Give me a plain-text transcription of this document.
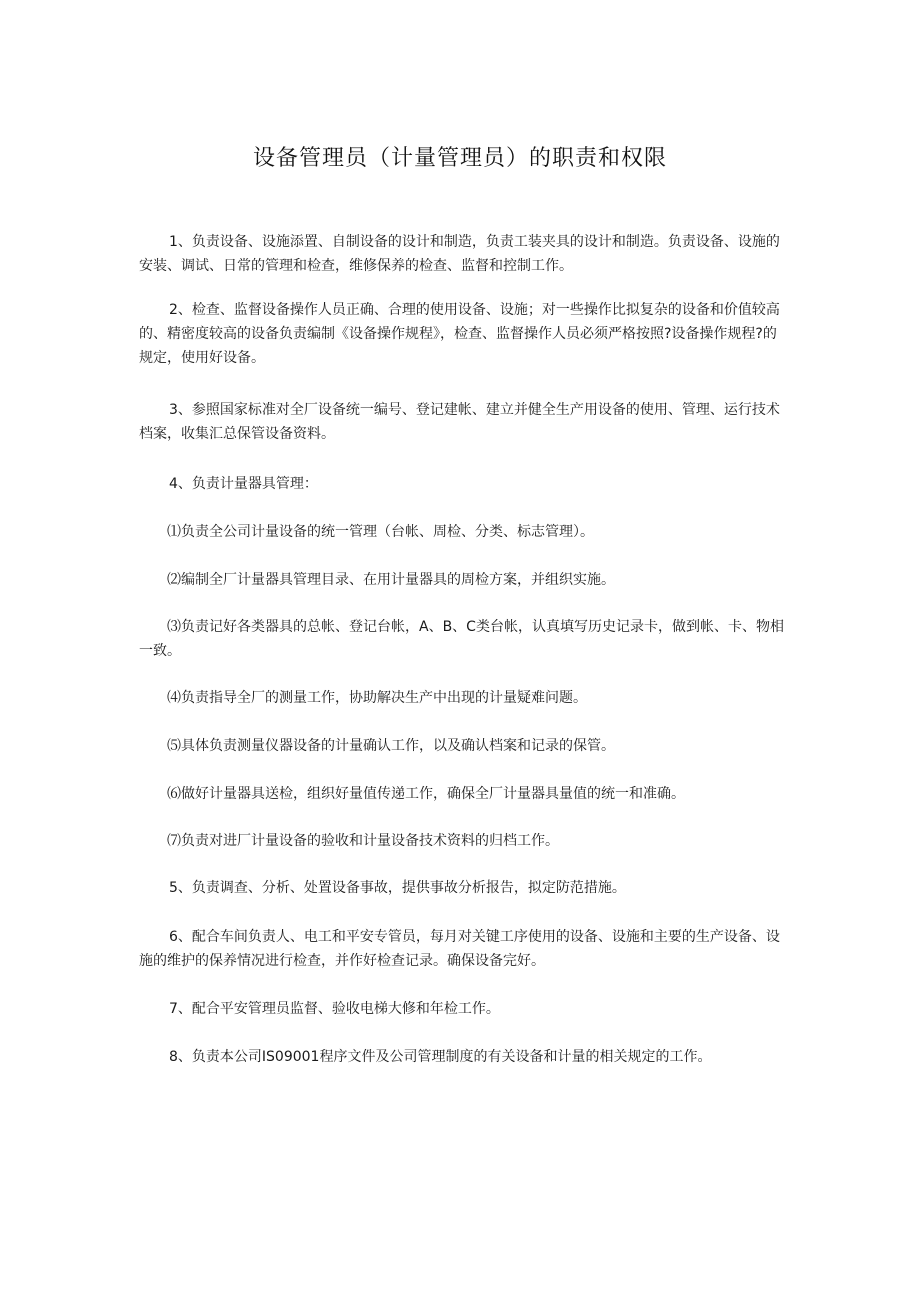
设备管理员（计量管理员）的职责和权限

1、负责设备、设施添置、自制设备的设计和制造，负责工装夹具的设计和制造。负责设备、设施的安装、调试、日常的管理和检查，维修保养的检查、监督和控制工作。

2、检查、监督设备操作人员正确、合理的使用设备、设施；对一些操作比拟复杂的设备和价值较高的、精密度较高的设备负责编制《设备操作规程》，检查、监督操作人员必须严格按照?设备操作规程?的规定，使用好设备。

3、参照国家标准对全厂设备统一编号、登记建帐、建立并健全生产用设备的使用、管理、运行技术档案，收集汇总保管设备资料。

4、负责计量器具管理：

⑴负责全公司计量设备的统一管理（台帐、周检、分类、标志管理）。

⑵编制全厂计量器具管理目录、在用计量器具的周检方案，并组织实施。

⑶负责记好各类器具的总帐、登记台帐，A、B、C类台帐，认真填写历史记录卡，做到帐、卡、物相一致。

⑷负责指导全厂的测量工作，协助解决生产中出现的计量疑难问题。

⑸具体负责测量仪器设备的计量确认工作，以及确认档案和记录的保管。

⑹做好计量器具送检，组织好量值传递工作，确保全厂计量器具量值的统一和准确。

⑺负责对进厂计量设备的验收和计量设备技术资料的归档工作。

5、负责调查、分析、处置设备事故，提供事故分析报告，拟定防范措施。

6、配合车间负责人、电工和平安专管员，每月对关键工序使用的设备、设施和主要的生产设备、设施的维护的保养情况进行检查，并作好检查记录。确保设备完好。

7、配合平安管理员监督、验收电梯大修和年检工作。

8、负责本公司IS09001程序文件及公司管理制度的有关设备和计量的相关规定的工作。
